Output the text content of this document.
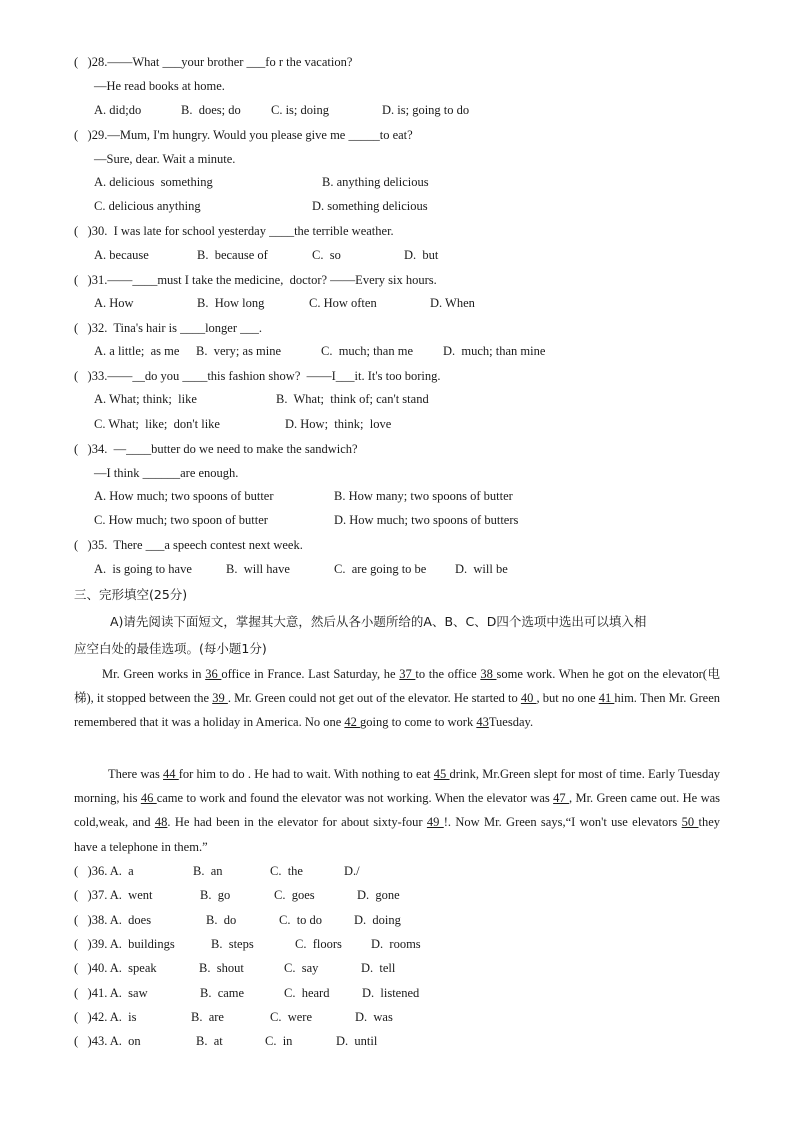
(   )28.——What ___your brother ___fo r the vacation?
—He read books at home.
A. did;do	B.  does; do C. is; doing	D. is; going to do
(   )29.—Mum, I'm hungry. Would you please give me _____to eat?
—Sure, dear. Wait a minute.
A. delicious  something	B. anything delicious
C. delicious anything	D. something delicious
(   )30.  I was late for school yesterday ____the terrible weather.
A. because	B.  because of	C.  so	D.  but
(   )31.——____must I take the medicine,  doctor? ——Every six hours.
A. How	B.  How long	C. How often	D. When
(   )32.  Tina's hair is ____longer ___.
A. a little;  as me B.  very; as mine	C.  much; than me D.  much; than mine
(   )33.——__do you ____this fashion show?  ——I___it. It's too boring.
A. What; think;  like	B.  What;  think of; can't stand
C. What;  like;  don't like	D. How;  think;  love
(   )34.  —____butter do we need to make the sandwich?
—I think ______are enough.
A. How much; two spoons of butter	B. How many; two spoons of butter
C. How much; two spoon of butter	D. How much; two spoons of butters
(   )35.  There ___a speech contest next week.
A.  is going to have	B.  will have	C.  are going to be D.  will be
三、完形填空(25分)
A)请先阅读下面短文，掌握其大意，然后从各小题所给的A、B、C、D四个选项中选出可以填入相
应空白处的最佳选项。(每小题1分)
Mr. Green works in 36 office in France. Last Saturday, he 37 to the office 38 some work. When he got on the elevator(电梯), it stopped between the 39 . Mr. Green could not get out of the elevator. He started to 40 , but no one 41 him. Then Mr. Green remembered that it was a holiday in America. No one 42 going to come to work 43Tuesday.
There was 44 for him to do . He had to wait. With nothing to eat 45 drink, Mr.Green slept for most of time. Early Tuesday morning, his 46 came to work and found the elevator was not working. When the elevator was 47 , Mr. Green came out. He was cold,weak, and 48. He had been in the elevator for about sixty-four 49 !. Now Mr. Green says,“I won't use elevators 50 they have a telephone in them.”
(   )36. A.  a	B.  an	C.  the	D./
(   )37. A.  went	B.  go	C.  goes	D.  gone
(   )38. A.  does	B.  do	C.  to do	D.  doing
(   )39. A.  buildings	B.  steps	C.  floors D.  rooms
(   )40. A.  speak	B.  shout	C.  say	D.  tell
(   )41. A.  saw	B.  came	C.  heard	D.  listened
(   )42. A.  is	B.  are	C.  were	D.  was
(   )43. A.  on	B.  at	C.  in	D.  until
